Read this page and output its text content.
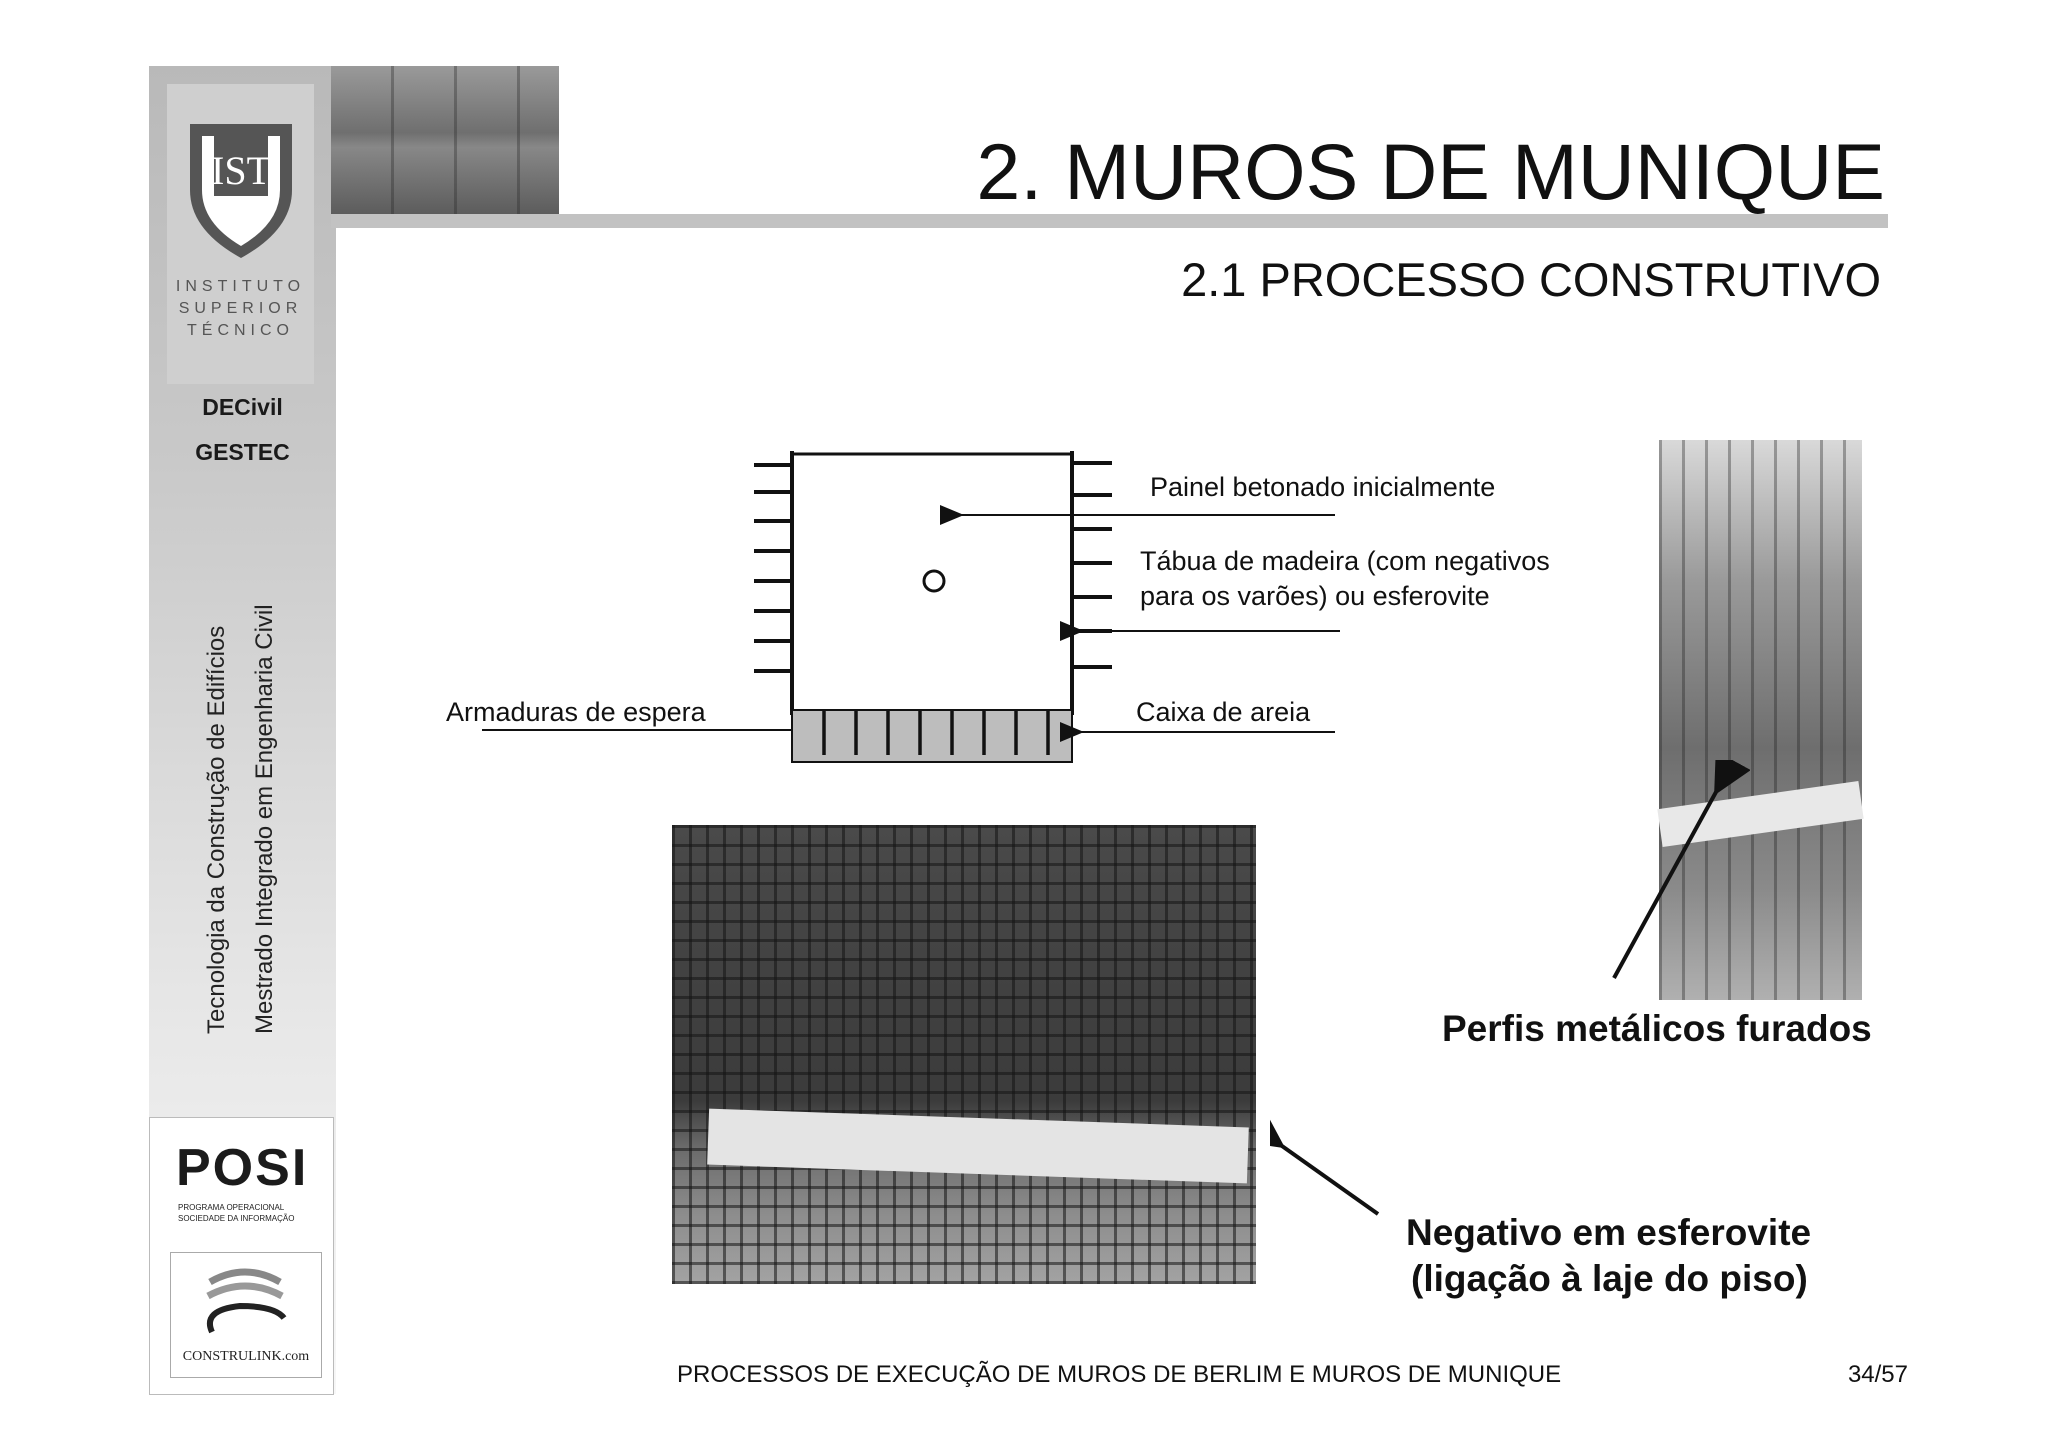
IST
INSTITUTO
SUPERIOR
TÉCNICO
DECivil
GESTEC
Tecnologia da Construção de Edifícios Mestrado Integrado em Engenharia Civil
POSI
PROGRAMA OPERACIONAL
SOCIEDADE DA INFORMAÇÃO
CONSTRULINK.com
2. MUROS DE MUNIQUE
2.1 PROCESSO CONSTRUTIVO
Painel betonado inicialmente
Tábua de madeira (com negativos
para os varões) ou esferovite
Armaduras de espera	Caixa de areia
Perfis metálicos furados
Negativo em esferovite
(ligação à laje do piso)
PROCESSOS DE EXECUÇÃO DE MUROS DE BERLIM E MUROS DE MUNIQUE	34/57
